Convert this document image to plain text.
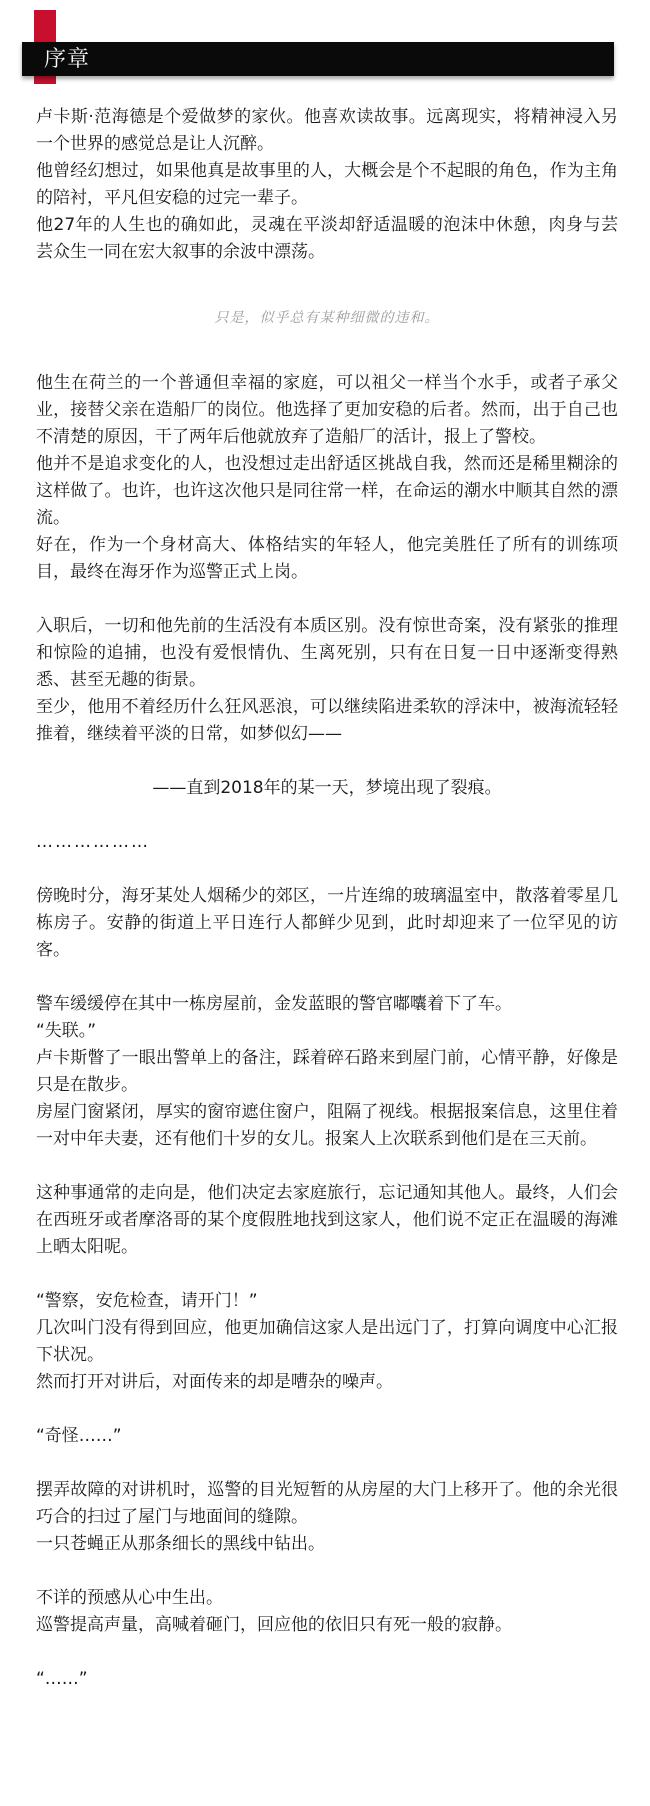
序章

卢卡斯·范海德是个爱做梦的家伙。他喜欢读故事。远离现实，将精神浸入另一个世界的感觉总是让人沉醉。

他曾经幻想过，如果他真是故事里的人，大概会是个不起眼的角色，作为主角的陪衬，平凡但安稳的过完一辈子。

他27年的人生也的确如此，灵魂在平淡却舒适温暖的泡沫中休憩，肉身与芸芸众生一同在宏大叙事的余波中漂荡。

只是，似乎总有某种细微的违和。

他生在荷兰的一个普通但幸福的家庭，可以祖父一样当个水手，或者子承父业，接替父亲在造船厂的岗位。他选择了更加安稳的后者。然而，出于自己也不清楚的原因，干了两年后他就放弃了造船厂的活计，报上了警校。

他并不是追求变化的人，也没想过走出舒适区挑战自我，然而还是稀里糊涂的这样做了。也许，也许这次他只是同往常一样，在命运的潮水中顺其自然的漂流。

好在，作为一个身材高大、体格结实的年轻人，他完美胜任了所有的训练项目，最终在海牙作为巡警正式上岗。

入职后，一切和他先前的生活没有本质区别。没有惊世奇案，没有紧张的推理和惊险的追捕，也没有爱恨情仇、生离死别，只有在日复一日中逐渐变得熟悉、甚至无趣的街景。

至少，他用不着经历什么狂风恶浪，可以继续陷进柔软的浮沫中，被海流轻轻推着，继续着平淡的日常，如梦似幻——

——直到2018年的某一天，梦境出现了裂痕。

………………

傍晚时分，海牙某处人烟稀少的郊区，一片连绵的玻璃温室中，散落着零星几栋房子。安静的街道上平日连行人都鲜少见到，此时却迎来了一位罕见的访客。

警车缓缓停在其中一栋房屋前，金发蓝眼的警官嘟囔着下了车。

“失联。”

卢卡斯瞥了一眼出警单上的备注，踩着碎石路来到屋门前，心情平静，好像是只是在散步。

房屋门窗紧闭，厚实的窗帘遮住窗户，阻隔了视线。根据报案信息，这里住着一对中年夫妻，还有他们十岁的女儿。报案人上次联系到他们是在三天前。

这种事通常的走向是，他们决定去家庭旅行，忘记通知其他人。最终，人们会在西班牙或者摩洛哥的某个度假胜地找到这家人，他们说不定正在温暖的海滩上晒太阳呢。

“警察，安危检查，请开门！”

几次叫门没有得到回应，他更加确信这家人是出远门了，打算向调度中心汇报下状况。

然而打开对讲后，对面传来的却是嘈杂的噪声。

“奇怪……”

摆弄故障的对讲机时，巡警的目光短暂的从房屋的大门上移开了。他的余光很巧合的扫过了屋门与地面间的缝隙。

一只苍蝇正从那条细长的黑线中钻出。

不详的预感从心中生出。

巡警提高声量，高喊着砸门，回应他的依旧只有死一般的寂静。

“……”
